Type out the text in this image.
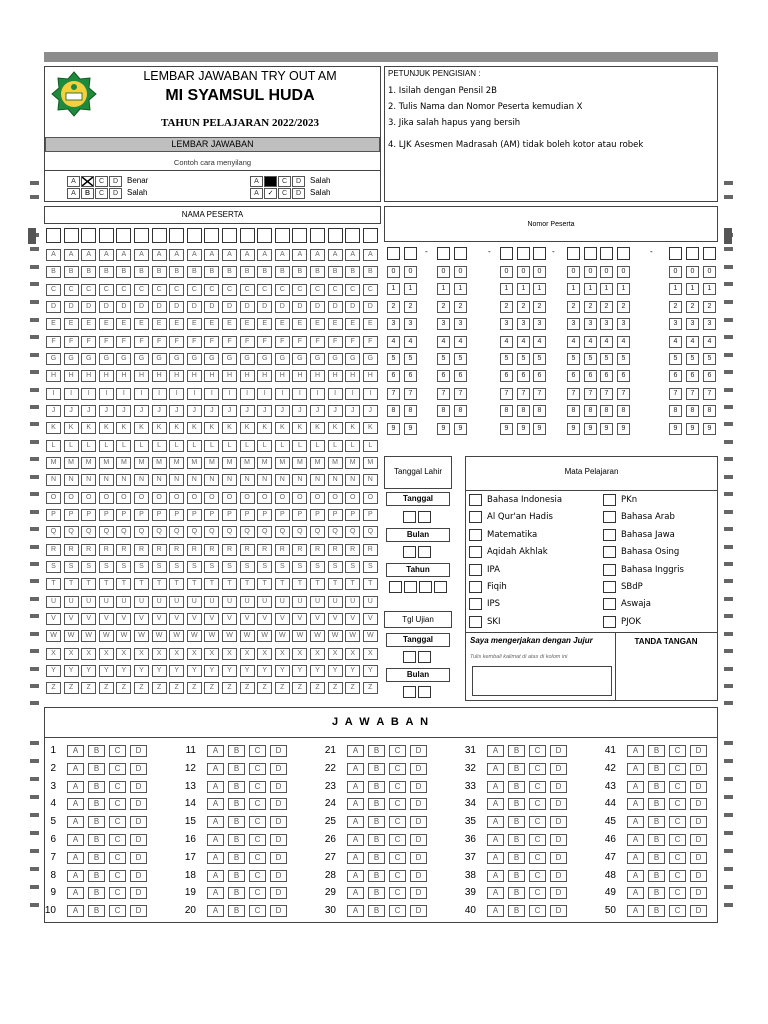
LEMBAR JAWABAN TRY OUT AM
MI SYAMSUL HUDA
TAHUN PELAJARAN 2022/2023
LEMBAR JAWABAN
Contoh cara menyilang
A	C	D	Benar
A	B	C	D	Salah
A	C	D	Salah
A	✓	C	D	Salah
PETUNJUK PENGISIAN :
1. Isilah dengan Pensil 2B
2. Tulis Nama dan Nomor Peserta kemudian X
3. Jika salah hapus yang bersih
4. LJK Asesmen Madrasah (AM) tidak boleh kotor atau robek
NAMA PESERTA
A	A	A	A	A	A	A	A	A	A	A	A	A	A	A	A	A	A	A
B	B	B	B	B	B	B	B	B	B	B	B	B	B	B	B	B	B	B
C	C	C	C	C	C	C	C	C	C	C	C	C	C	C	C	C	C	C
D	D	D	D	D	D	D	D	D	D	D	D	D	D	D	D	D	D	D
E	E	E	E	E	E	E	E	E	E	E	E	E	E	E	E	E	E	E
F	F	F	F	F	F	F	F	F	F	F	F	F	F	F	F	F	F	F
G	G	G	G	G	G	G	G	G	G	G	G	G	G	G	G	G	G	G
H	H	H	H	H	H	H	H	H	H	H	H	H	H	H	H	H	H	H
I	I	I	I	I	I	I	I	I	I	I	I	I	I	I	I	I	I	I
J	J	J	J	J	J	J	J	J	J	J	J	J	J	J	J	J	J	J
K	K	K	K	K	K	K	K	K	K	K	K	K	K	K	K	K	K	K
L	L	L	L	L	L	L	L	L	L	L	L	L	L	L	L	L	L	L
M	M	M	M	M	M	M	M	M	M	M	M	M	M	M	M	M	M	M
N	N	N	N	N	N	N	N	N	N	N	N	N	N	N	N	N	N	N
O	O	O	O	O	O	O	O	O	O	O	O	O	O	O	O	O	O	O
P	P	P	P	P	P	P	P	P	P	P	P	P	P	P	P	P	P	P
Q	Q	Q	Q	Q	Q	Q	Q	Q	Q	Q	Q	Q	Q	Q	Q	Q	Q	Q
R	R	R	R	R	R	R	R	R	R	R	R	R	R	R	R	R	R	R
S	S	S	S	S	S	S	S	S	S	S	S	S	S	S	S	S	S	S
T	T	T	T	T	T	T	T	T	T	T	T	T	T	T	T	T	T	T
U	U	U	U	U	U	U	U	U	U	U	U	U	U	U	U	U	U	U
V	V	V	V	V	V	V	V	V	V	V	V	V	V	V	V	V	V	V
W	W	W	W	W	W	W	W	W	W	W	W	W	W	W	W	W	W	W
X	X	X	X	X	X	X	X	X	X	X	X	X	X	X	X	X	X	X
Y	Y	Y	Y	Y	Y	Y	Y	Y	Y	Y	Y	Y	Y	Y	Y	Y	Y	Y
Z	Z	Z	Z	Z	Z	Z	Z	Z	Z	Z	Z	Z	Z	Z	Z	Z	Z	Z
Nomor Peserta
-	-	-	-
0	0	0	0	0	0	0	0	0	0	0	0	0	0
1	1	1	1	1	1	1	1	1	1	1	1	1	1
2	2	2	2	2	2	2	2	2	2	2	2	2	2
3	3	3	3	3	3	3	3	3	3	3	3	3	3
4	4	4	4	4	4	4	4	4	4	4	4	4	4
5	5	5	5	5	5	5	5	5	5	5	5	5	5
6	6	6	6	6	6	6	6	6	6	6	6	6	6
7	7	7	7	7	7	7	7	7	7	7	7	7	7
8	8	8	8	8	8	8	8	8	8	8	8	8	8
9	9	9	9	9	9	9	9	9	9	9	9	9	9
Tanggal Lahir
Tanggal
Bulan
Tahun
Tgl Ujian
Tanggal
Bulan
Mata Pelajaran
Bahasa Indonesia
Al Qur'an Hadis
Matematika
Aqidah Akhlak
IPA
Fiqih
IPS
SKI
PKn
Bahasa Arab
Bahasa Jawa
Bahasa Osing
Bahasa Inggris
SBdP
Aswaja
PJOK
Saya mengerjakan dengan Jujur
Tulis kembali kalimat di atas di kolom ini
TANDA TANGAN
J A W A B A N
1	A	B	C	D
2	A	B	C	D
3	A	B	C	D
4	A	B	C	D
5	A	B	C	D
6	A	B	C	D
7	A	B	C	D
8	A	B	C	D
9	A	B	C	D
10	A	B	C	D
11	A	B	C	D
12	A	B	C	D
13	A	B	C	D
14	A	B	C	D
15	A	B	C	D
16	A	B	C	D
17	A	B	C	D
18	A	B	C	D
19	A	B	C	D
20	A	B	C	D
21	A	B	C	D
22	A	B	C	D
23	A	B	C	D
24	A	B	C	D
25	A	B	C	D
26	A	B	C	D
27	A	B	C	D
28	A	B	C	D
29	A	B	C	D
30	A	B	C	D
31	A	B	C	D
32	A	B	C	D
33	A	B	C	D
34	A	B	C	D
35	A	B	C	D
36	A	B	C	D
37	A	B	C	D
38	A	B	C	D
39	A	B	C	D
40	A	B	C	D
41	A	B	C	D
42	A	B	C	D
43	A	B	C	D
44	A	B	C	D
45	A	B	C	D
46	A	B	C	D
47	A	B	C	D
48	A	B	C	D
49	A	B	C	D
50	A	B	C	D
